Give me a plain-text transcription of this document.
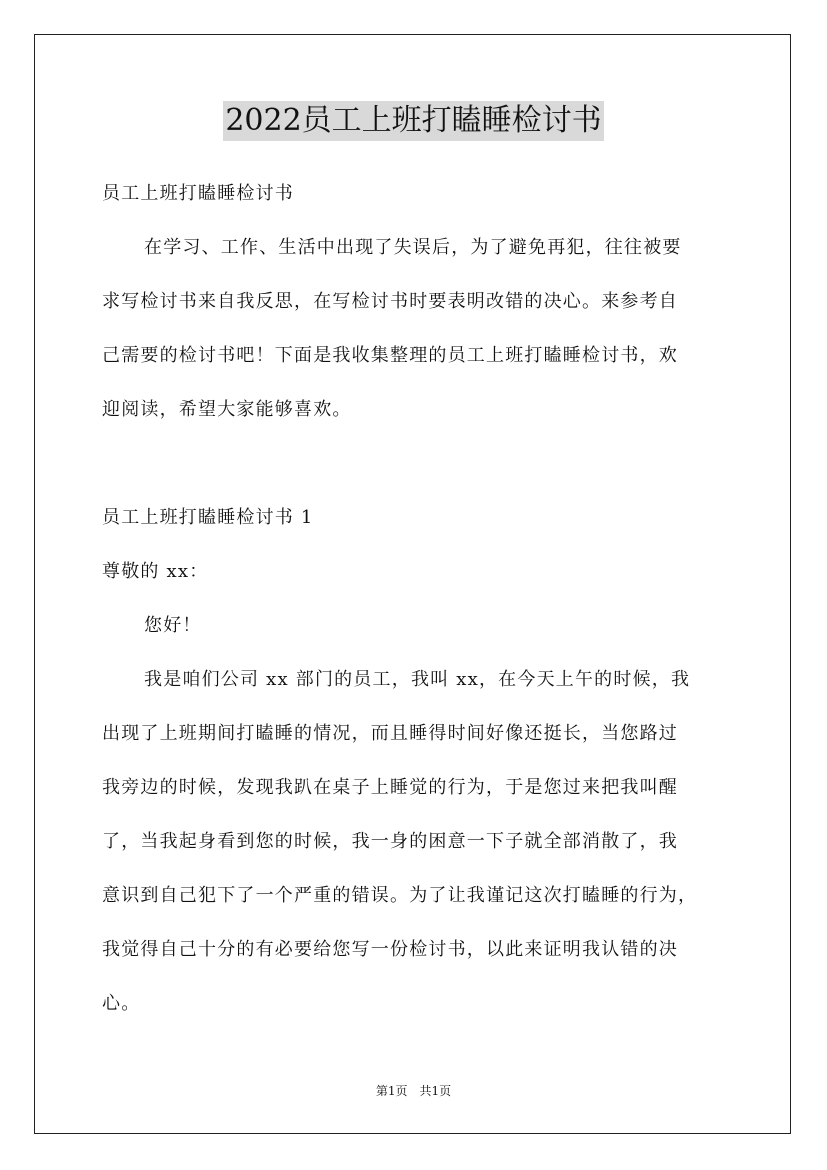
2022员工上班打瞌睡检讨书
员工上班打瞌睡检讨书
在学习、工作、生活中出现了失误后，为了避免再犯，往往被要
求写检讨书来自我反思，在写检讨书时要表明改错的决心。来参考自
己需要的检讨书吧！下面是我收集整理的员工上班打瞌睡检讨书，欢
迎阅读，希望大家能够喜欢。
员工上班打瞌睡检讨书 1
尊敬的 xx：
您好！
我是咱们公司 xx 部门的员工，我叫 xx，在今天上午的时候，我
出现了上班期间打瞌睡的情况，而且睡得时间好像还挺长，当您路过
我旁边的时候，发现我趴在桌子上睡觉的行为，于是您过来把我叫醒
了，当我起身看到您的时候，我一身的困意一下子就全部消散了，我
意识到自己犯下了一个严重的错误。为了让我谨记这次打瞌睡的行为，
我觉得自己十分的有必要给您写一份检讨书，以此来证明我认错的决
心。
第1页　共1页
